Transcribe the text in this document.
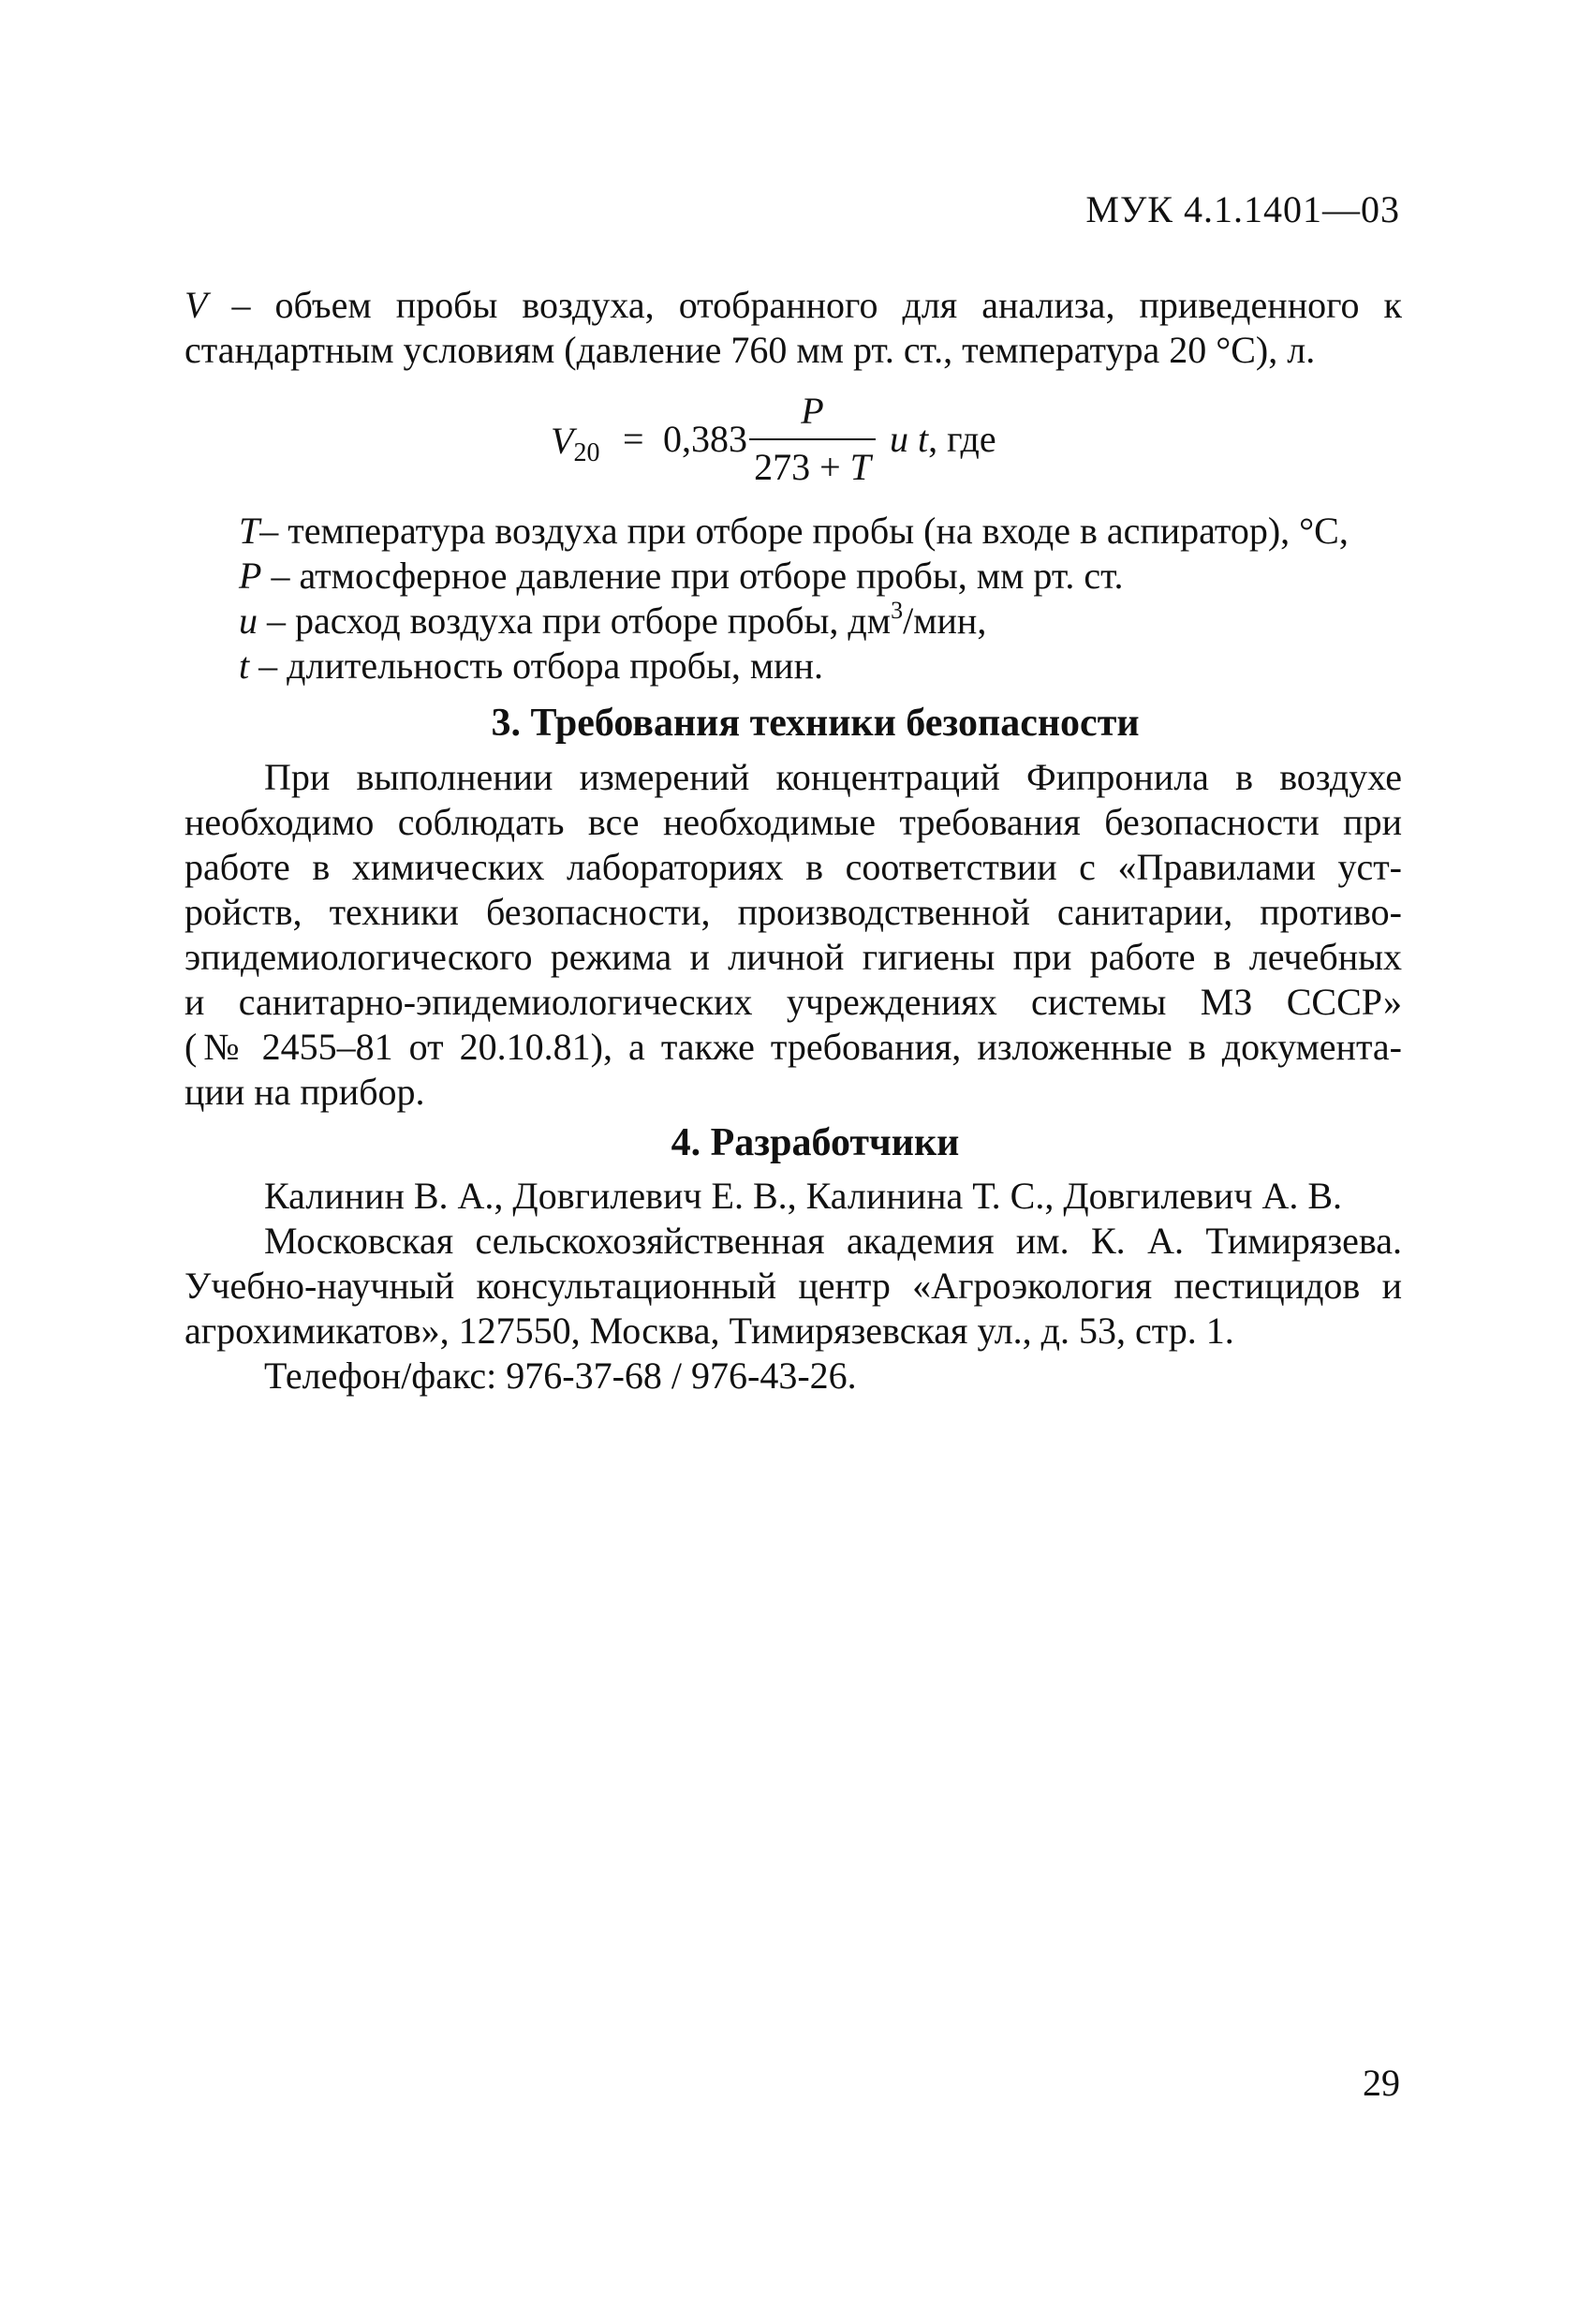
МУК 4.1.1401—03
V – объем пробы воздуха, отобранного для анализа, приведенного к
стандартным условиям (давление 760 мм рт. ст., температура 20 °С), л.
$V_{20} = 0,383$
P
273 + T
u t, где
T– температура воздуха при отборе пробы (на входе в аспиратор), °С,
P – атмосферное давление при отборе пробы, мм рт. ст.
u – расход воздуха при отборе пробы, $дм^3$/мин,
t – длительность отбора пробы, мин.
3. Требования техники безопасности
При выполнении измерений концентраций Фипронила в воздухе
необходимо соблюдать все необходимые требования безопасности при
работе в химических лабораториях в соответствии с «Правилами уст-
ройств, техники безопасности, производственной санитарии, противо-
эпидемиологического режима и личной гигиены при работе в лечебных
и санитарно-эпидемиологических учреждениях системы МЗ СССР»
(№ 2455–81 от 20.10.81), а также требования, изложенные в документа-
ции на прибор.
4. Разработчики
Калинин В. А., Довгилевич Е. В., Калинина Т. С., Довгилевич А. В.
Московская сельскохозяйственная академия им. К. А. Тимирязева.
Учебно-научный консультационный центр «Агроэкология пестицидов и
агрохимикатов», 127550, Москва, Тимирязевская ул., д. 53, стр. 1.
Телефон/факс: 976-37-68 / 976-43-26.
29
